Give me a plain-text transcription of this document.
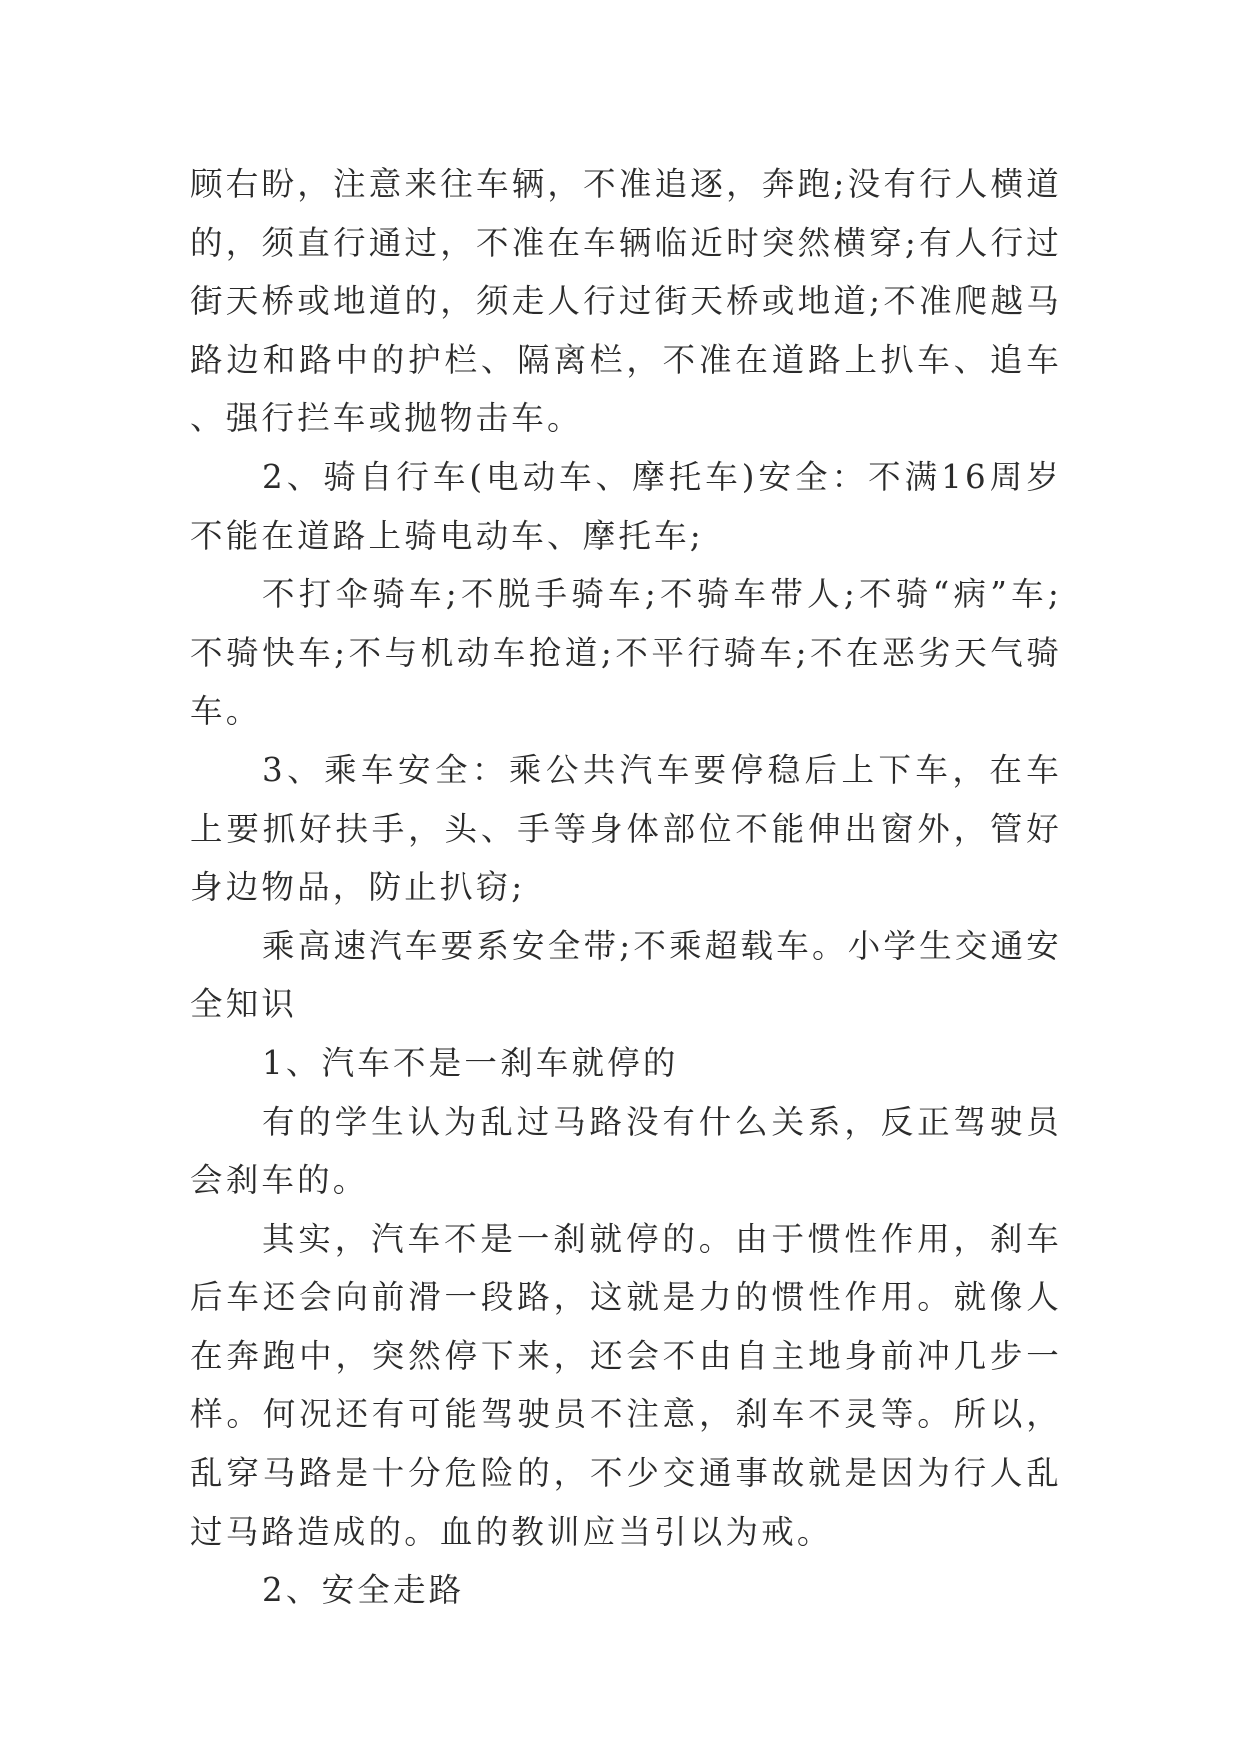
顾右盼，注意来往车辆，不准追逐，奔跑;没有行人横道的，须直行通过，不准在车辆临近时突然横穿;有人行过街天桥或地道的，须走人行过街天桥或地道;不准爬越马路边和路中的护栏、隔离栏，不准在道路上扒车、追车、强行拦车或抛物击车。

2、骑自行车(电动车、摩托车)安全：不满16周岁不能在道路上骑电动车、摩托车;

不打伞骑车;不脱手骑车;不骑车带人;不骑“病”车;不骑快车;不与机动车抢道;不平行骑车;不在恶劣天气骑车。

3、乘车安全：乘公共汽车要停稳后上下车，在车上要抓好扶手，头、手等身体部位不能伸出窗外，管好身边物品，防止扒窃;

乘高速汽车要系安全带;不乘超载车。小学生交通安全知识

1、汽车不是一刹车就停的

有的学生认为乱过马路没有什么关系，反正驾驶员会刹车的。

其实，汽车不是一刹就停的。由于惯性作用，刹车后车还会向前滑一段路，这就是力的惯性作用。就像人在奔跑中，突然停下来，还会不由自主地身前冲几步一样。何况还有可能驾驶员不注意，刹车不灵等。所以，乱穿马路是十分危险的，不少交通事故就是因为行人乱过马路造成的。血的教训应当引以为戒。

2、安全走路
